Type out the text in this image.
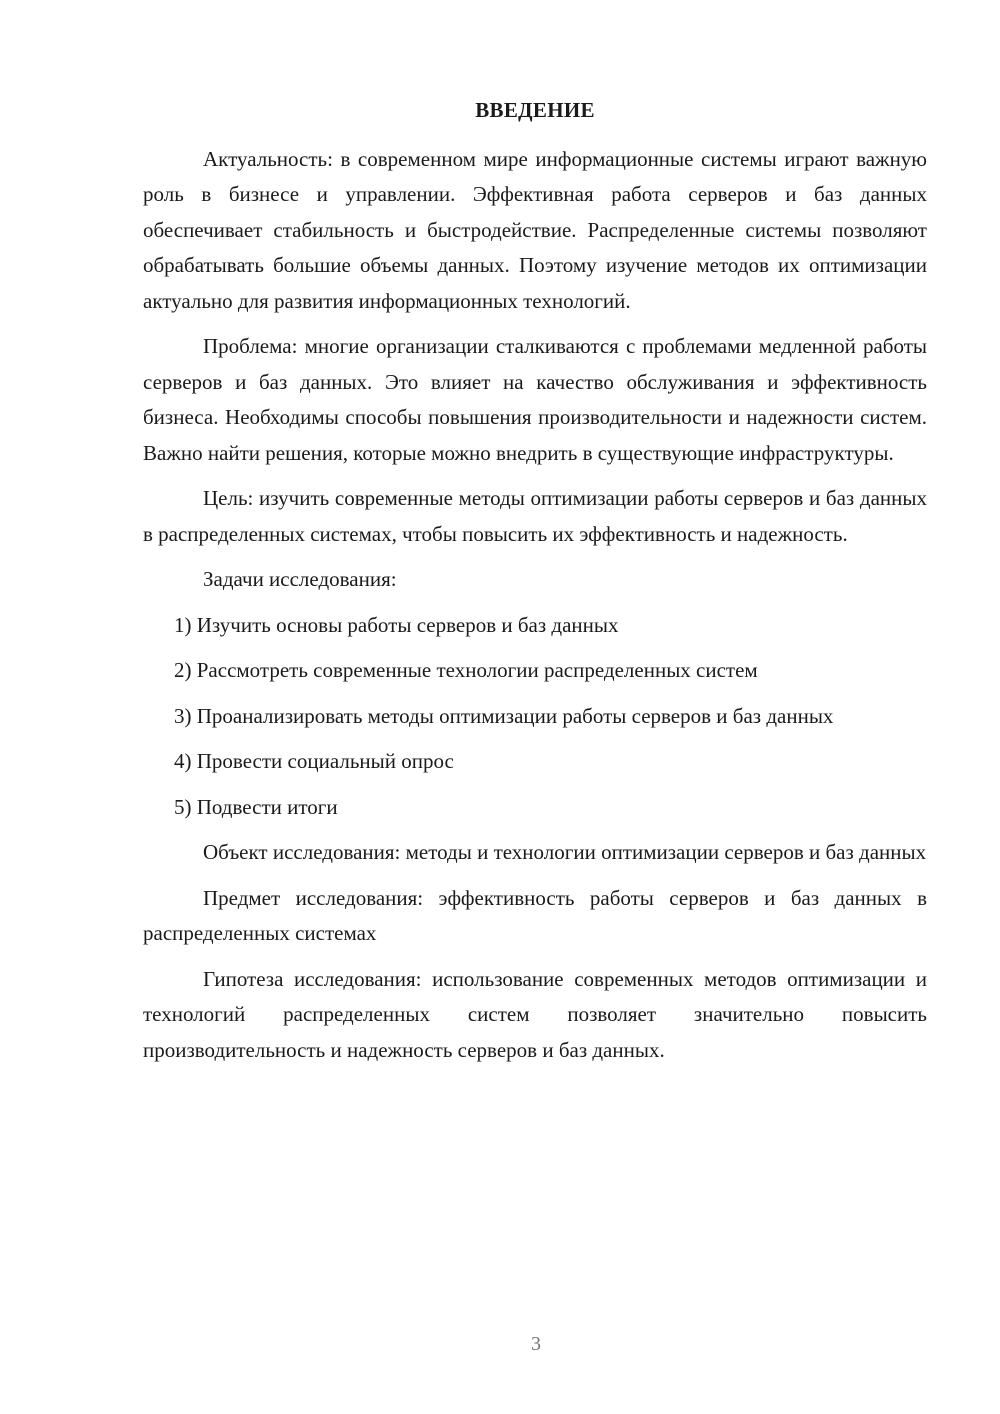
ВВЕДЕНИЕ

Актуальность: в современном мире информационные системы играют важную роль в бизнесе и управлении. Эффективная работа серверов и баз данных обеспечивает стабильность и быстродействие. Распределенные системы позволяют обрабатывать большие объемы данных. Поэтому изучение методов их оптимизации актуально для развития информационных технологий.

Проблема: многие организации сталкиваются с проблемами медленной работы серверов и баз данных. Это влияет на качество обслуживания и эффективность бизнеса. Необходимы способы повышения производительности и надежности систем. Важно найти решения, которые можно внедрить в существующие инфраструктуры.

Цель: изучить современные методы оптимизации работы серверов и баз данных в распределенных системах, чтобы повысить их эффективность и надежность.

Задачи исследования:

1) Изучить основы работы серверов и баз данных

2) Рассмотреть современные технологии распределенных систем

3) Проанализировать методы оптимизации работы серверов и баз данных

4) Провести социальный опрос

5) Подвести итоги

Объект исследования: методы и технологии оптимизации серверов и баз данных

Предмет исследования: эффективность работы серверов и баз данных в распределенных системах

Гипотеза исследования: использование современных методов оптимизации и технологий распределенных систем позволяет значительно повысить производительность и надежность серверов и баз данных.

3
